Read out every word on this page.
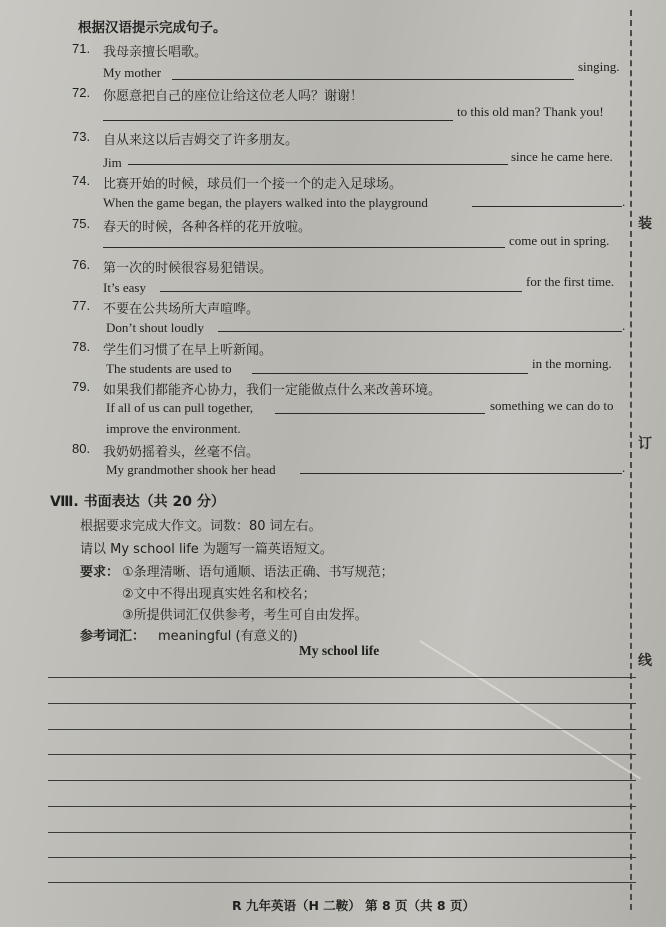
装
订
线
根据汉语提示完成句子。
71. 我母亲擅长唱歌。
My mother	singing.
72. 你愿意把自己的座位让给这位老人吗？谢谢！
to this old man? Thank you!
73. 自从来这以后吉姆交了许多朋友。
Jim	since he came here.
74. 比赛开始的时候，球员们一个接一个的走入足球场。
When the game began, the players walked into the playground	.
75. 春天的时候，各种各样的花开放啦。
come out in spring.
76. 第一次的时候很容易犯错误。
It’s easy	for the first time.
77. 不要在公共场所大声喧哗。
Don’t shout loudly	.
78. 学生们习惯了在早上听新闻。
The students are used to	in the morning.
79. 如果我们都能齐心协力，我们一定能做点什么来改善环境。
If all of us can pull together,	something we can do to
improve the environment.
80. 我奶奶摇着头，丝毫不信。
My grandmother shook her head	.
Ⅷ. 书面表达（共 20 分）
根据要求完成大作文。词数：80 词左右。
请以 My school life 为题写一篇英语短文。
要求： ①条理清晰、语句通顺、语法正确、书写规范；
②文中不得出现真实姓名和校名；
③所提供词汇仅供参考，考生可自由发挥。
参考词汇： meaningful (有意义的)
My school life
R 九年英语（H 二鞍） 第 8 页（共 8 页）
